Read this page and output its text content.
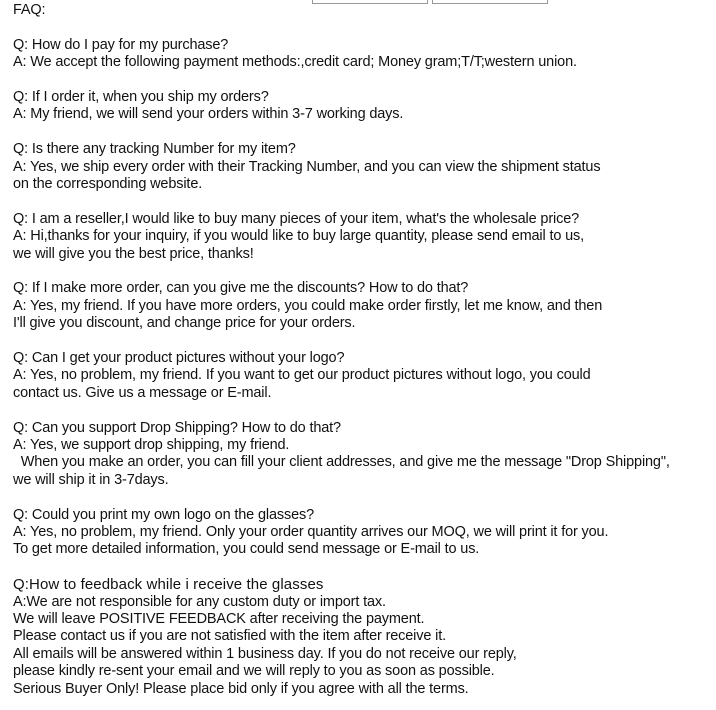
FAQ:
Q: How do I pay for my purchase?
A: We accept the following payment methods:,credit card; Money gram;T/T;western union.
Q: If I order it, when you ship my orders?
A: My friend, we will send your orders within 3-7 working days.
Q: Is there any tracking Number for my item?
A: Yes, we ship every order with their Tracking Number, and you can view the shipment status
on the corresponding website.
Q: I am a reseller,I would like to buy many pieces of your item, what's the wholesale price?
A: Hi,thanks for your inquiry, if you would like to buy large quantity, please send email to us,
we will give you the best price, thanks!
Q: If I make more order, can you give me the discounts? How to do that?
A: Yes, my friend. If you have more orders, you could make order firstly, let me know, and then
I'll give you discount, and change price for your orders.
Q: Can I get your product pictures without your logo?
A: Yes, no problem, my friend. If you want to get our product pictures without logo, you could
contact us. Give us a message or E-mail.
Q: Can you support Drop Shipping? How to do that?
A: Yes, we support drop shipping, my friend.
When you make an order, you can fill your client addresses, and give me the message "Drop Shipping",
we will ship it in 3-7days.
Q: Could you print my own logo on the glasses?
A: Yes, no problem, my friend. Only your order quantity arrives our MOQ, we will print it for you.
To get more detailed information, you could send message or E-mail to us.
Q:How to feedback while i receive the glasses
A:We are not responsible for any custom duty or import tax.
We will leave POSITIVE FEEDBACK after receiving the payment.
Please contact us if you are not satisfied with the item after receive it.
All emails will be answered within 1 business day. If you do not receive our reply,
please kindly re-sent your email and we will reply to you as soon as possible.
Serious Buyer Only! Please place bid only if you agree with all the terms.
